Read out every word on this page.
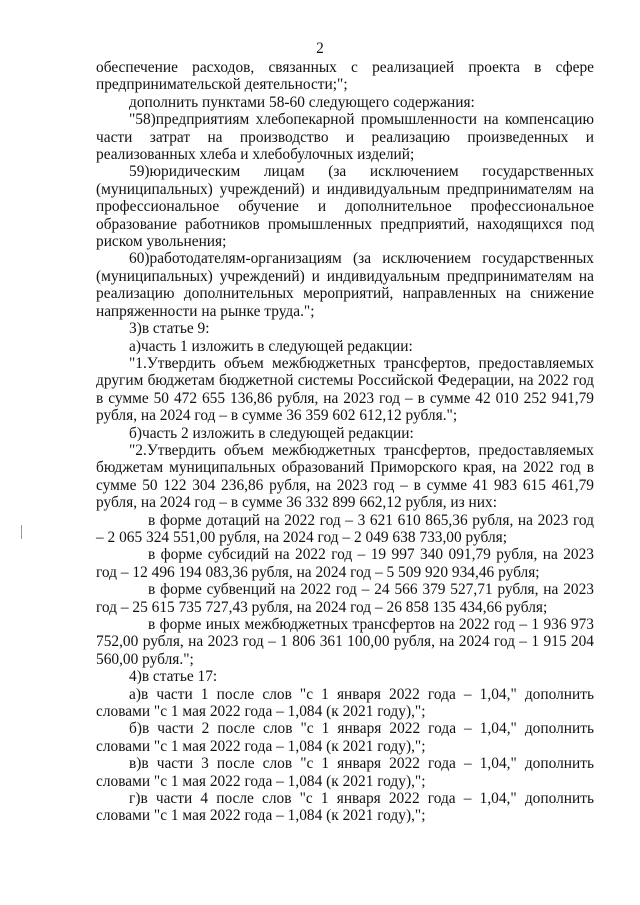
2

обеспечение расходов, связанных с реализацией проекта в сфере предпринимательской деятельности;";

дополнить пунктами 58-60 следующего содержания:

"58)предприятиям хлебопекарной промышленности на компенсацию части затрат на производство и реализацию произведенных и реализованных хлеба и хлебобулочных изделий;

59)юридическим лицам (за исключением государственных (муниципальных) учреждений) и индивидуальным предпринимателям на профессиональное обучение и дополнительное профессиональное образование работников промышленных предприятий, находящихся под риском увольнения;

60)работодателям-организациям (за исключением государственных (муниципальных) учреждений) и индивидуальным предпринимателям на реализацию дополнительных мероприятий, направленных на снижение напряженности на рынке труда.";

3)в статье 9:

а)часть 1 изложить в следующей редакции:

"1.Утвердить объем межбюджетных трансфертов, предоставляемых другим бюджетам бюджетной системы Российской Федерации, на 2022 год в сумме 50 472 655 136,86 рубля, на 2023 год – в сумме 42 010 252 941,79 рубля, на 2024 год – в сумме 36 359 602 612,12 рубля.";

б)часть 2 изложить в следующей редакции:

"2.Утвердить объем межбюджетных трансфертов, предоставляемых бюджетам муниципальных образований Приморского края, на 2022 год в сумме 50 122 304 236,86 рубля, на 2023 год – в сумме 41 983 615 461,79 рубля, на 2024 год – в сумме 36 332 899 662,12 рубля, из них:

в форме дотаций на 2022 год – 3 621 610 865,36 рубля, на 2023 год – 2 065 324 551,00 рубля, на 2024 год – 2 049 638 733,00 рубля;

в форме субсидий на 2022 год – 19 997 340 091,79 рубля, на 2023 год – 12 496 194 083,36 рубля, на 2024 год – 5 509 920 934,46 рубля;

в форме субвенций на 2022 год – 24 566 379 527,71 рубля, на 2023 год – 25 615 735 727,43 рубля, на 2024 год – 26 858 135 434,66 рубля;

в форме иных межбюджетных трансфертов на 2022 год – 1 936 973 752,00 рубля, на 2023 год – 1 806 361 100,00 рубля, на 2024 год – 1 915 204 560,00 рубля.";

4)в статье 17:

а)в части 1 после слов "с 1 января 2022 года – 1,04," дополнить словами "с 1 мая 2022 года – 1,084 (к 2021 году),";

б)в части 2 после слов "с 1 января 2022 года – 1,04," дополнить словами "с 1 мая 2022 года – 1,084 (к 2021 году),";

в)в части 3 после слов "с 1 января 2022 года – 1,04," дополнить словами "с 1 мая 2022 года – 1,084 (к 2021 году),";

г)в части 4 после слов "с 1 января 2022 года – 1,04," дополнить словами "с 1 мая 2022 года – 1,084 (к 2021 году),";
